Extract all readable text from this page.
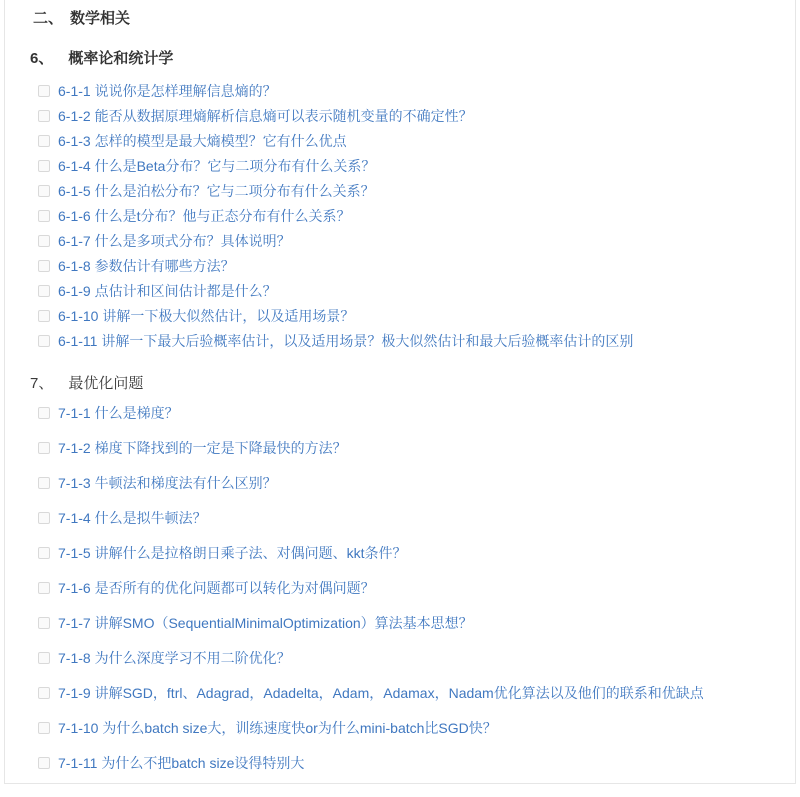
二、 数学相关
6、 概率论和统计学
6-1-1 说说你是怎样理解信息熵的？
6-1-2 能否从数据原理熵解析信息熵可以表示随机变量的不确定性？
6-1-3 怎样的模型是最大熵模型？它有什么优点
6-1-4 什么是Beta分布？它与二项分布有什么关系？
6-1-5 什么是泊松分布？它与二项分布有什么关系？
6-1-6 什么是t分布？他与正态分布有什么关系？
6-1-7 什么是多项式分布？具体说明？
6-1-8 参数估计有哪些方法？
6-1-9 点估计和区间估计都是什么？
6-1-10 讲解一下极大似然估计，以及适用场景？
6-1-11 讲解一下最大后验概率估计，以及适用场景？极大似然估计和最大后验概率估计的区别
7、 最优化问题
7-1-1 什么是梯度？
7-1-2 梯度下降找到的一定是下降最快的方法？
7-1-3 牛顿法和梯度法有什么区别？
7-1-4 什么是拟牛顿法？
7-1-5 讲解什么是拉格朗日乘子法、对偶问题、kkt条件？
7-1-6 是否所有的优化问题都可以转化为对偶问题？
7-1-7 讲解SMO（SequentialMinimalOptimization）算法基本思想？
7-1-8 为什么深度学习不用二阶优化？
7-1-9 讲解SGD，ftrl、Adagrad，Adadelta，Adam，Adamax，Nadam优化算法以及他们的联系和优缺点
7-1-10 为什么batch size大，训练速度快or为什么mini-batch比SGD快？
7-1-11 为什么不把batch size设得特别大
